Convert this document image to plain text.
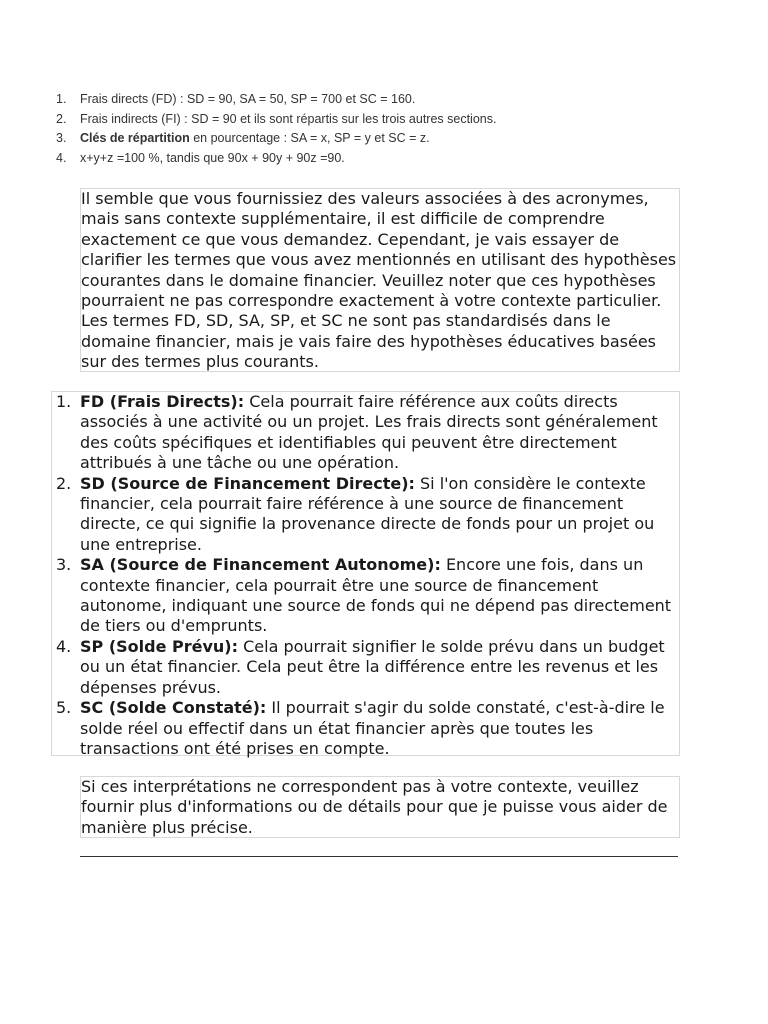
1. Frais directs (FD) : SD = 90, SA = 50, SP = 700 et SC = 160.
2. Frais indirects (FI) : SD = 90 et ils sont répartis sur les trois autres sections.
3. Clés de répartition en pourcentage : SA = x, SP = y et SC = z.
4. x+y+z =100 %, tandis que 90x + 90y + 90z =90.

Il semble que vous fournissiez des valeurs associées à des acronymes, mais sans contexte supplémentaire, il est difficile de comprendre exactement ce que vous demandez. Cependant, je vais essayer de clarifier les termes que vous avez mentionnés en utilisant des hypothèses courantes dans le domaine financier. Veuillez noter que ces hypothèses pourraient ne pas correspondre exactement à votre contexte particulier. Les termes FD, SD, SA, SP, et SC ne sont pas standardisés dans le domaine financier, mais je vais faire des hypothèses éducatives basées sur des termes plus courants.

1. FD (Frais Directs): Cela pourrait faire référence aux coûts directs associés à une activité ou un projet. Les frais directs sont généralement des coûts spécifiques et identifiables qui peuvent être directement attribués à une tâche ou une opération.
2. SD (Source de Financement Directe): Si l'on considère le contexte financier, cela pourrait faire référence à une source de financement directe, ce qui signifie la provenance directe de fonds pour un projet ou une entreprise.
3. SA (Source de Financement Autonome): Encore une fois, dans un contexte financier, cela pourrait être une source de financement autonome, indiquant une source de fonds qui ne dépend pas directement de tiers ou d'emprunts.
4. SP (Solde Prévu): Cela pourrait signifier le solde prévu dans un budget ou un état financier. Cela peut être la différence entre les revenus et les dépenses prévus.
5. SC (Solde Constaté): Il pourrait s'agir du solde constaté, c'est-à-dire le solde réel ou effectif dans un état financier après que toutes les transactions ont été prises en compte.

Si ces interprétations ne correspondent pas à votre contexte, veuillez fournir plus d'informations ou de détails pour que je puisse vous aider de manière plus précise.
